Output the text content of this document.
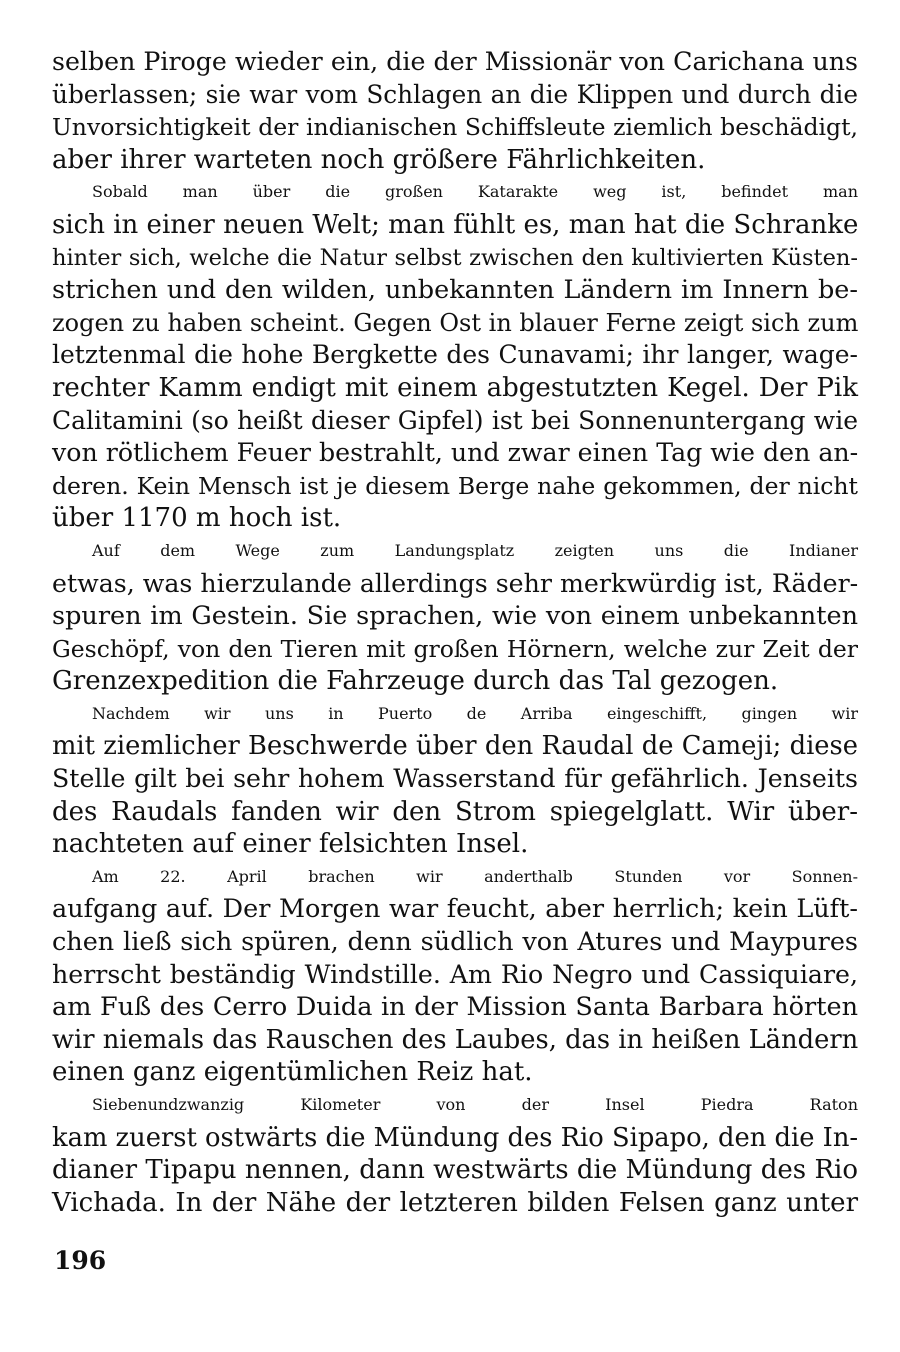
selben Piroge wieder ein, die der Missionär von Carichana uns
überlassen; sie war vom Schlagen an die Klippen und durch die
Unvorsichtigkeit der indianischen Schiffsleute ziemlich beschädigt,
aber ihrer warteten noch größere Fährlichkeiten.

Sobald man über die großen Katarakte weg ist, befindet man
sich in einer neuen Welt; man fühlt es, man hat die Schranke
hinter sich, welche die Natur selbst zwischen den kultivierten Küsten-
strichen und den wilden, unbekannten Ländern im Innern be-
zogen zu haben scheint. Gegen Ost in blauer Ferne zeigt sich zum
letztenmal die hohe Bergkette des Cunavami; ihr langer, wage-
rechter Kamm endigt mit einem abgestutzten Kegel. Der Pik
Calitamini (so heißt dieser Gipfel) ist bei Sonnenuntergang wie
von rötlichem Feuer bestrahlt, und zwar einen Tag wie den an-
deren. Kein Mensch ist je diesem Berge nahe gekommen, der nicht
über 1170 m hoch ist.

Auf dem Wege zum Landungsplatz zeigten uns die Indianer
etwas, was hierzulande allerdings sehr merkwürdig ist, Räder-
spuren im Gestein. Sie sprachen, wie von einem unbekannten
Geschöpf, von den Tieren mit großen Hörnern, welche zur Zeit der
Grenzexpedition die Fahrzeuge durch das Tal gezogen.

Nachdem wir uns in Puerto de Arriba eingeschifft, gingen wir
mit ziemlicher Beschwerde über den Raudal de Cameji; diese
Stelle gilt bei sehr hohem Wasserstand für gefährlich. Jenseits
des Raudals fanden wir den Strom spiegelglatt. Wir über-
nachteten auf einer felsichten Insel.

Am 22. April brachen wir anderthalb Stunden vor Sonnen-
aufgang auf. Der Morgen war feucht, aber herrlich; kein Lüft-
chen ließ sich spüren, denn südlich von Atures und Maypures
herrscht beständig Windstille. Am Rio Negro und Cassiquiare,
am Fuß des Cerro Duida in der Mission Santa Barbara hörten
wir niemals das Rauschen des Laubes, das in heißen Ländern
einen ganz eigentümlichen Reiz hat.

Siebenundzwanzig Kilometer von der Insel Piedra Raton
kam zuerst ostwärts die Mündung des Rio Sipapo, den die In-
dianer Tipapu nennen, dann westwärts die Mündung des Rio
Vichada. In der Nähe der letzteren bilden Felsen ganz unter

196
